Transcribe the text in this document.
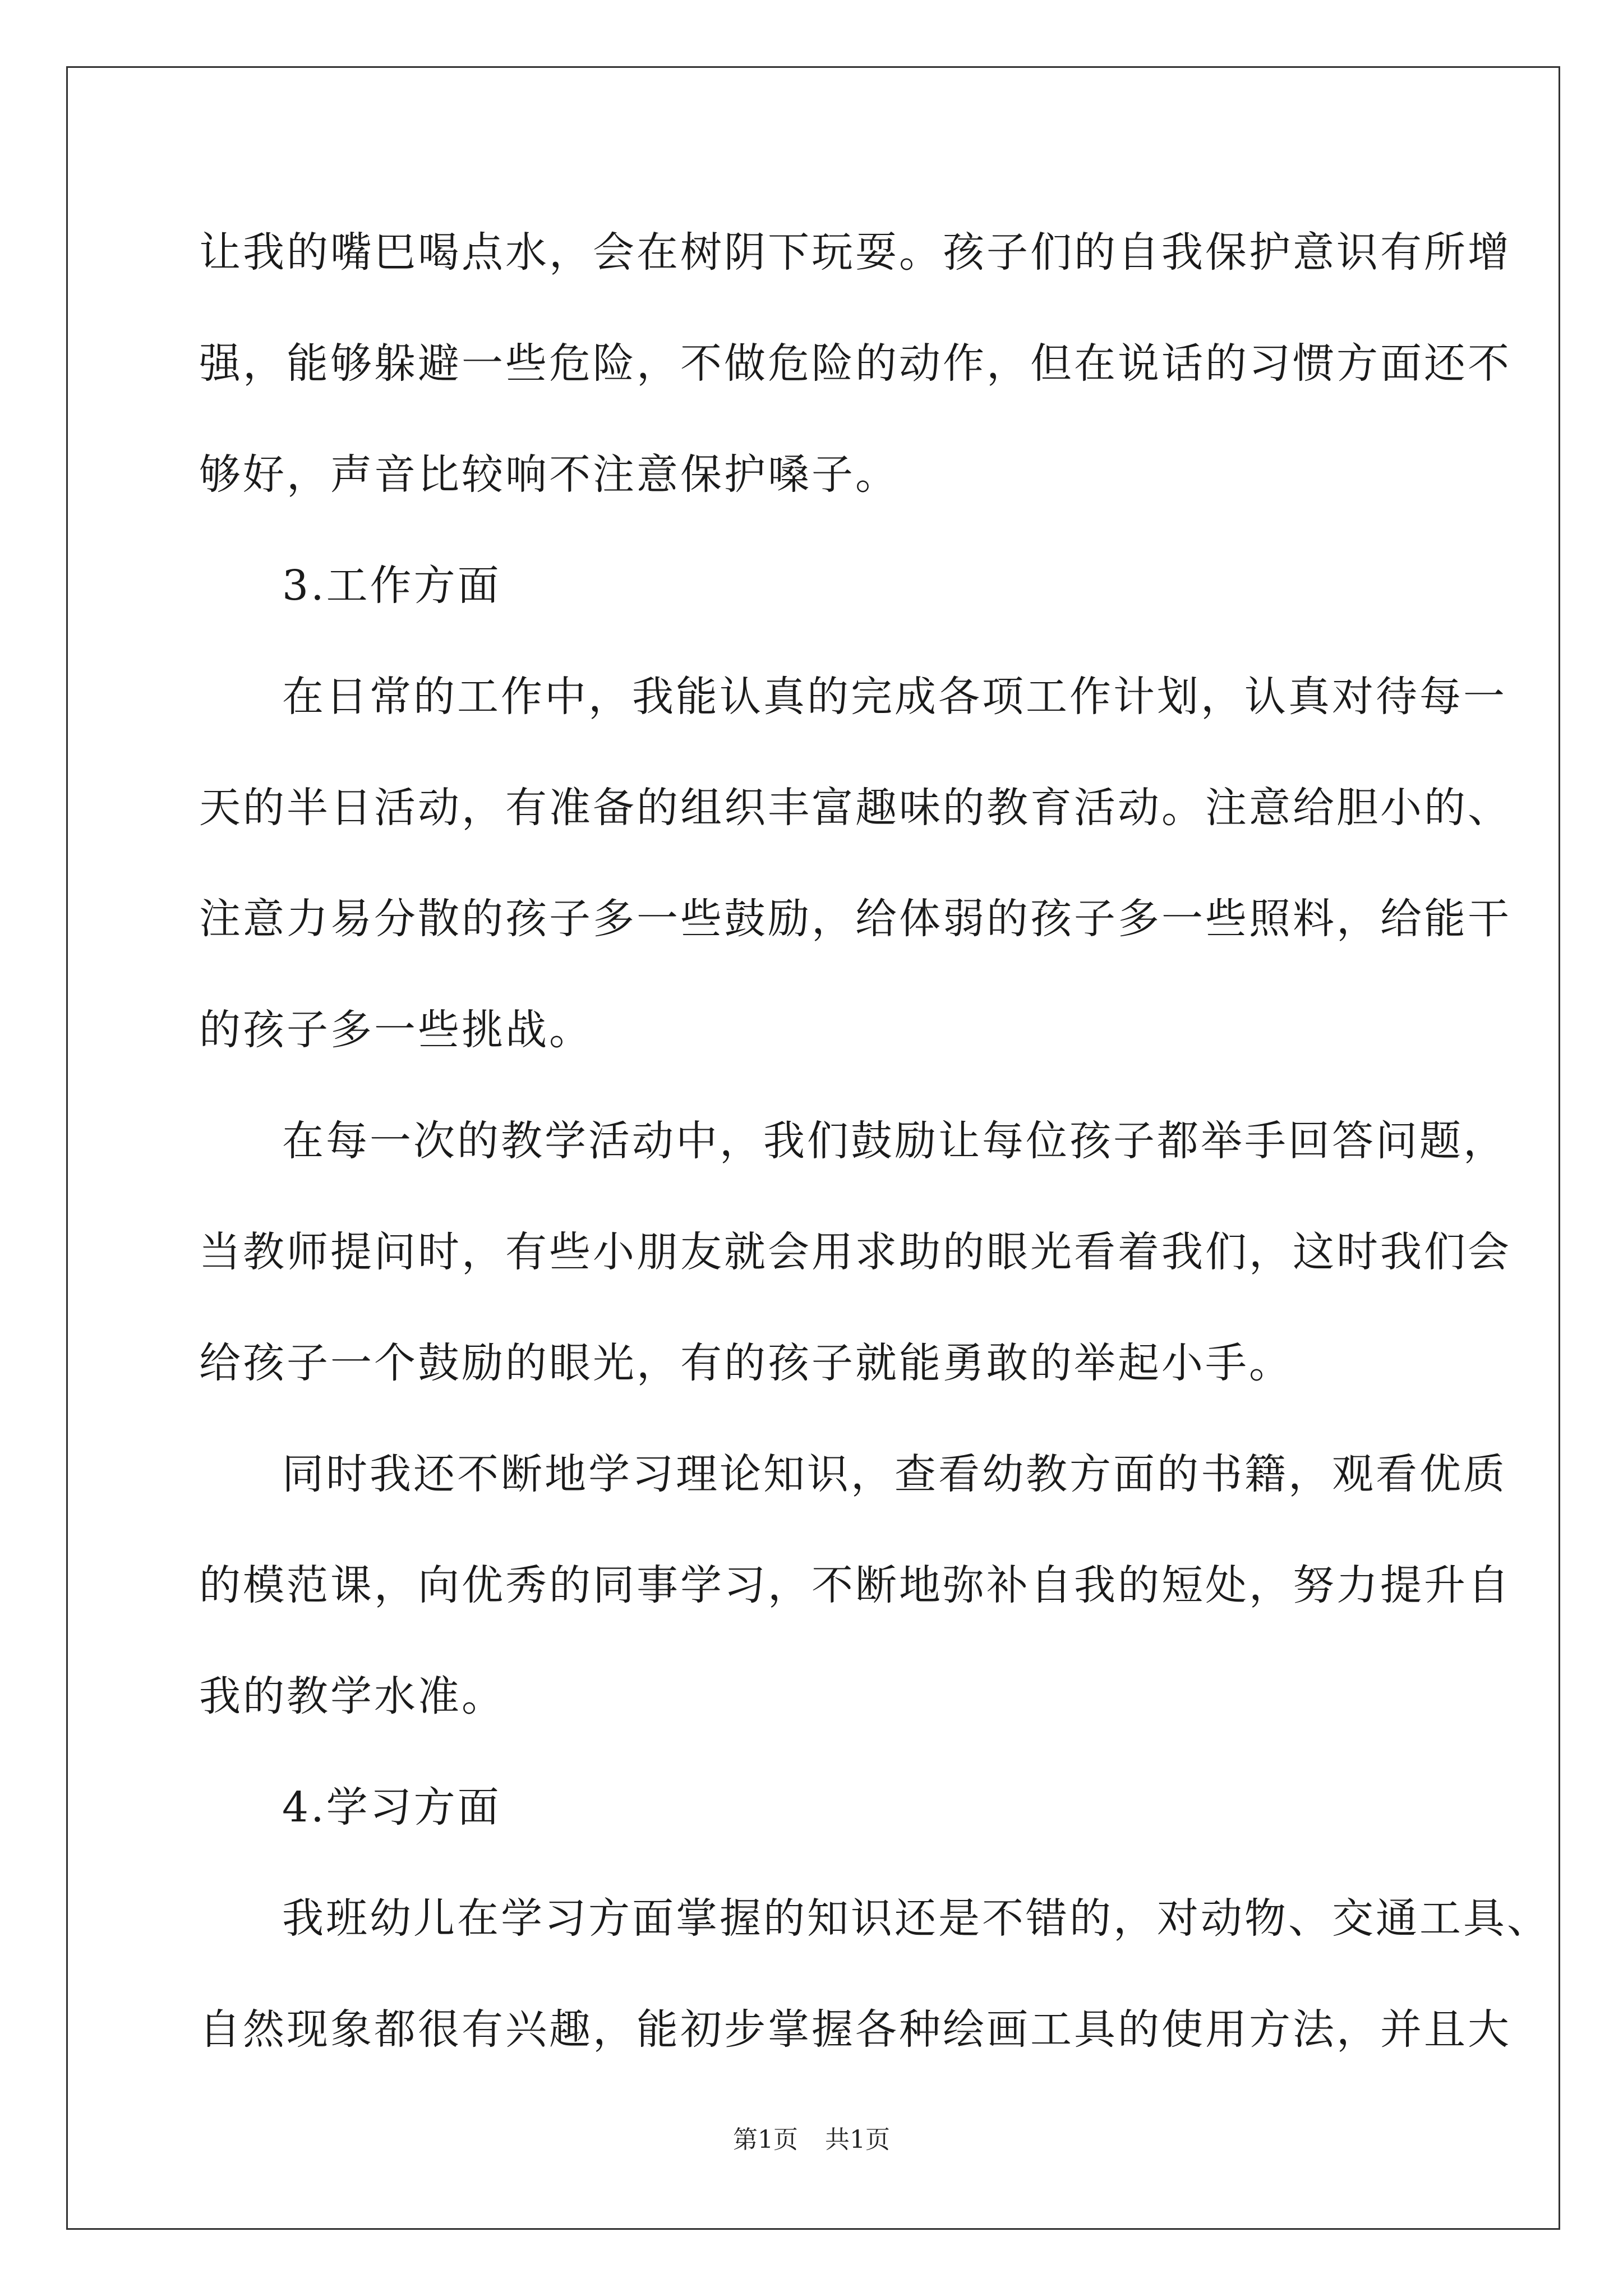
让我的嘴巴喝点水，会在树阴下玩耍。孩子们的自我保护意识有所增
强，能够躲避一些危险，不做危险的动作，但在说话的习惯方面还不
够好，声音比较响不注意保护嗓子。
3.工作方面
在日常的工作中，我能认真的完成各项工作计划，认真对待每一
天的半日活动，有准备的组织丰富趣味的教育活动。注意给胆小的、
注意力易分散的孩子多一些鼓励，给体弱的孩子多一些照料，给能干
的孩子多一些挑战。
在每一次的教学活动中，我们鼓励让每位孩子都举手回答问题，
当教师提问时，有些小朋友就会用求助的眼光看着我们，这时我们会
给孩子一个鼓励的眼光，有的孩子就能勇敢的举起小手。
同时我还不断地学习理论知识，查看幼教方面的书籍，观看优质
的模范课，向优秀的同事学习，不断地弥补自我的短处，努力提升自
我的教学水准。
4.学习方面
我班幼儿在学习方面掌握的知识还是不错的，对动物、交通工具、
自然现象都很有兴趣，能初步掌握各种绘画工具的使用方法，并且大
第1页 共1页
